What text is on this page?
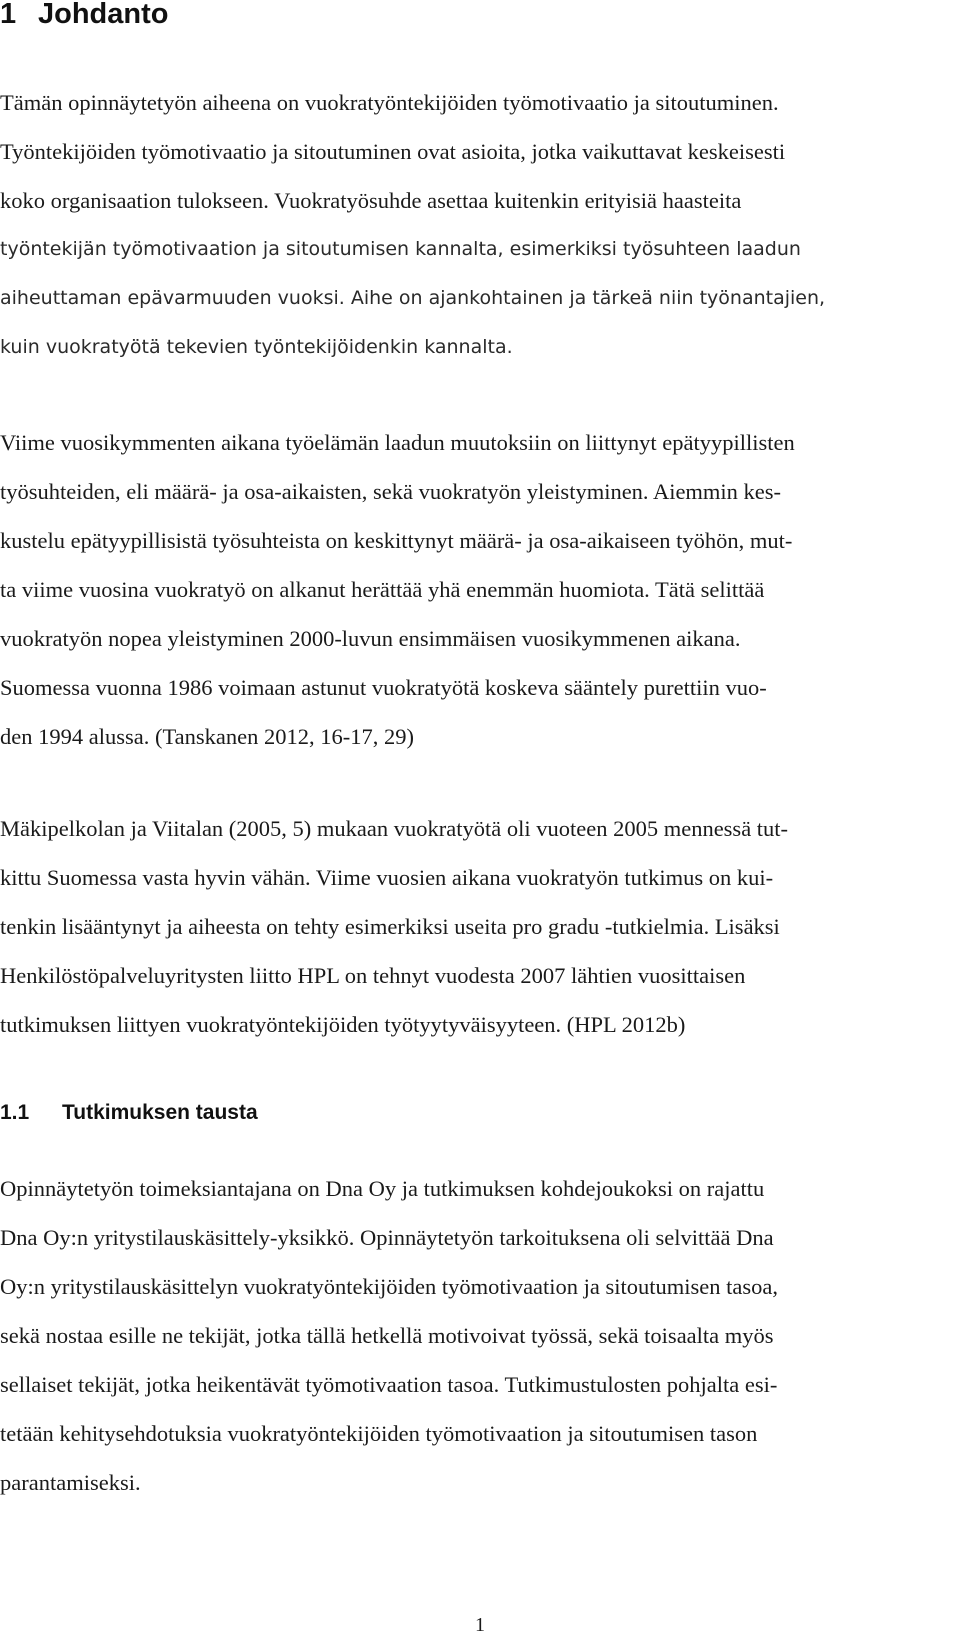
1 Johdanto
Tämän opinnäytetyön aiheena on vuokratyöntekijöiden työmotivaatio ja sitoutuminen.
Työntekijöiden työmotivaatio ja sitoutuminen ovat asioita, jotka vaikuttavat keskeisesti
koko organisaation tulokseen. Vuokratyösuhde asettaa kuitenkin erityisiä haasteita
työntekijän työmotivaation ja sitoutumisen kannalta, esimerkiksi työsuhteen laadun
aiheuttaman epävarmuuden vuoksi. Aihe on ajankohtainen ja tärkeä niin työnantajien,
kuin vuokratyötä tekevien työntekijöidenkin kannalta.
Viime vuosikymmenten aikana työelämän laadun muutoksiin on liittynyt epätyypillisten
työsuhteiden, eli määrä- ja osa-aikaisten, sekä vuokratyön yleistyminen. Aiemmin kes-
kustelu epätyypillisistä työsuhteista on keskittynyt määrä- ja osa-aikaiseen työhön, mut-
ta viime vuosina vuokratyö on alkanut herättää yhä enemmän huomiota. Tätä selittää
vuokratyön nopea yleistyminen 2000-luvun ensimmäisen vuosikymmenen aikana.
Suomessa vuonna 1986 voimaan astunut vuokratyötä koskeva sääntely purettiin vuo-
den 1994 alussa. (Tanskanen 2012, 16-17, 29)
Mäkipelkolan ja Viitalan (2005, 5) mukaan vuokratyötä oli vuoteen 2005 mennessä tut-
kittu Suomessa vasta hyvin vähän. Viime vuosien aikana vuokratyön tutkimus on kui-
tenkin lisääntynyt ja aiheesta on tehty esimerkiksi useita pro gradu -tutkielmia. Lisäksi
Henkilöstöpalveluyritysten liitto HPL on tehnyt vuodesta 2007 lähtien vuosittaisen
tutkimuksen liittyen vuokratyöntekijöiden työtyytyväisyyteen. (HPL 2012b)
1.1 Tutkimuksen tausta
Opinnäytetyön toimeksiantajana on Dna Oy ja tutkimuksen kohdejoukoksi on rajattu
Dna Oy:n yritystilauskäsittely-yksikkö. Opinnäytetyön tarkoituksena oli selvittää Dna
Oy:n yritystilauskäsittelyn vuokratyöntekijöiden työmotivaation ja sitoutumisen tasoa,
sekä nostaa esille ne tekijät, jotka tällä hetkellä motivoivat työssä, sekä toisaalta myös
sellaiset tekijät, jotka heikentävät työmotivaation tasoa. Tutkimustulosten pohjalta esi-
tetään kehitysehdotuksia vuokratyöntekijöiden työmotivaation ja sitoutumisen tason
parantamiseksi.

1
